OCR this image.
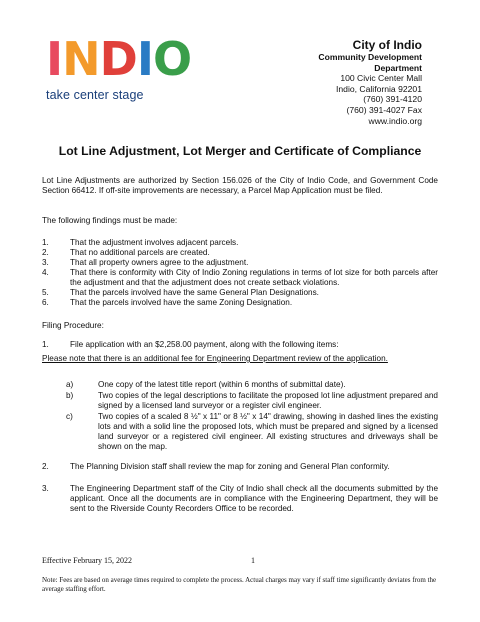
I N D I O
take center stage
City of Indio
Community Development
Department
100 Civic Center Mall
Indio, California 92201
(760) 391-4120
(760) 391-4027 Fax
www.indio.org
Lot Line Adjustment, Lot Merger and Certificate of Compliance
Lot Line Adjustments are authorized by Section 156.026 of the City of Indio Code, and Government Code Section 66412. If off-site improvements are necessary, a Parcel Map Application must be filed.
The following findings must be made:
1.	That the adjustment involves adjacent parcels.
2.	That no additional parcels are created.
3.	That all property owners agree to the adjustment.
4.	That there is conformity with City of Indio Zoning regulations in terms of lot size for both parcels after the adjustment and that the adjustment does not create setback violations.
5.	That the parcels involved have the same General Plan Designations.
6.	That the parcels involved have the same Zoning Designation.
Filing Procedure:
1.	File application with an $2,258.00 payment, along with the following items:
Please note that there is an additional fee for Engineering Department review of the application.
a)	One copy of the latest title report (within 6 months of submittal date).
b)	Two copies of the legal descriptions to facilitate the proposed lot line adjustment prepared and signed by a licensed land surveyor or a register civil engineer.
c)	Two copies of a scaled 8 ½" x 11" or 8 ½" x 14" drawing, showing in dashed lines the existing lots and with a solid line the proposed lots, which must be prepared and signed by a licensed land surveyor or a registered civil engineer. All existing structures and driveways shall be shown on the map.
2.	The Planning Division staff shall review the map for zoning and General Plan conformity.
3.	The Engineering Department staff of the City of Indio shall check all the documents submitted by the applicant. Once all the documents are in compliance with the Engineering Department, they will be sent to the Riverside County Recorders Office to be recorded.
Effective February 15, 2022	1
Note: Fees are based on average times required to complete the process. Actual charges may vary if staff time significantly deviates from the average staffing effort.
